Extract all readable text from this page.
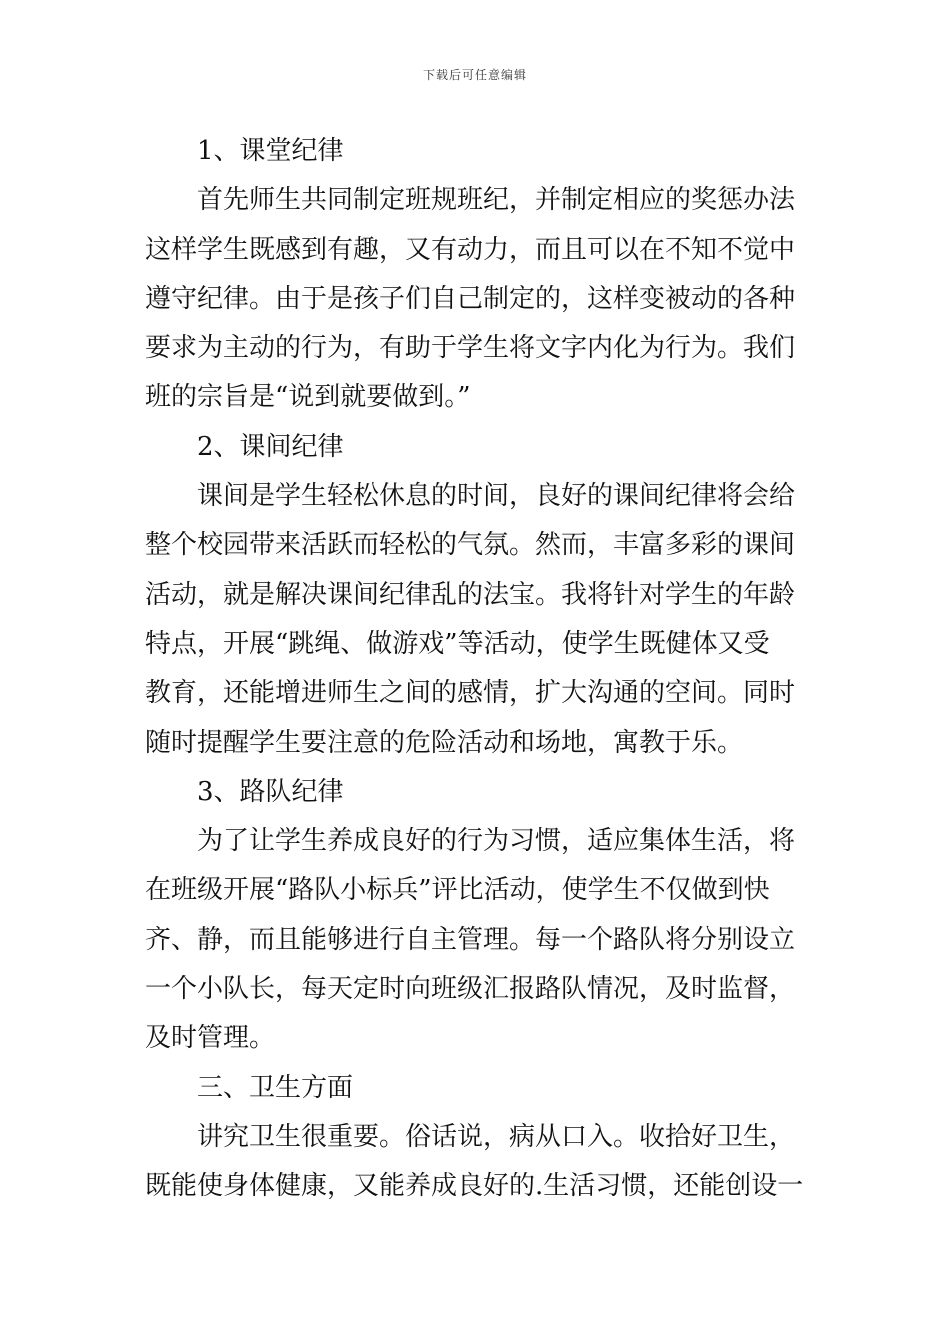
下载后可任意编辑
1、课堂纪律
首先师生共同制定班规班纪，并制定相应的奖惩办法
这样学生既感到有趣，又有动力，而且可以在不知不觉中
遵守纪律。由于是孩子们自己制定的，这样变被动的各种
要求为主动的行为，有助于学生将文字内化为行为。我们
班的宗旨是“说到就要做到。”
2、课间纪律
课间是学生轻松休息的时间，良好的课间纪律将会给
整个校园带来活跃而轻松的气氛。然而，丰富多彩的课间
活动，就是解决课间纪律乱的法宝。我将针对学生的年龄
特点，开展“跳绳、做游戏”等活动，使学生既健体又受
教育，还能增进师生之间的感情，扩大沟通的空间。同时
随时提醒学生要注意的危险活动和场地，寓教于乐。
3、路队纪律
为了让学生养成良好的行为习惯，适应集体生活，将
在班级开展“路队小标兵”评比活动，使学生不仅做到快
齐、静，而且能够进行自主管理。每一个路队将分别设立
一个小队长，每天定时向班级汇报路队情况，及时监督，
及时管理。
三、卫生方面
讲究卫生很重要。俗话说，病从口入。收拾好卫生，
既能使身体健康，又能养成良好的.生活习惯，还能创设一
